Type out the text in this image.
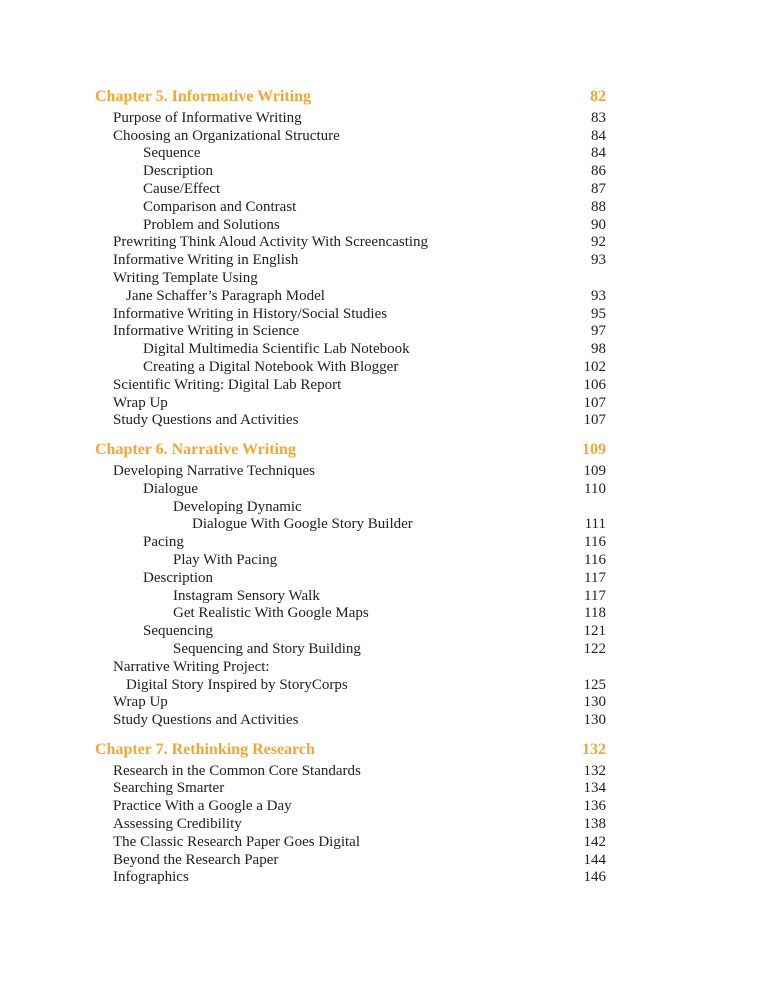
Chapter 5. Informative Writing	82
Purpose of Informative Writing	83
Choosing an Organizational Structure	84
Sequence	84
Description	86
Cause/Effect	87
Comparison and Contrast	88
Problem and Solutions	90
Prewriting Think Aloud Activity With Screencasting	92
Informative Writing in English	93
Writing Template Using
Jane Schaffer’s Paragraph Model	93
Informative Writing in History/Social Studies	95
Informative Writing in Science	97
Digital Multimedia Scientific Lab Notebook	98
Creating a Digital Notebook With Blogger	102
Scientific Writing: Digital Lab Report	106
Wrap Up	107
Study Questions and Activities	107
Chapter 6. Narrative Writing	109
Developing Narrative Techniques	109
Dialogue	110
Developing Dynamic
Dialogue With Google Story Builder	111
Pacing	116
Play With Pacing	116
Description	117
Instagram Sensory Walk	117
Get Realistic With Google Maps	118
Sequencing	121
Sequencing and Story Building	122
Narrative Writing Project:
Digital Story Inspired by StoryCorps	125
Wrap Up	130
Study Questions and Activities	130
Chapter 7. Rethinking Research	132
Research in the Common Core Standards	132
Searching Smarter	134
Practice With a Google a Day	136
Assessing Credibility	138
The Classic Research Paper Goes Digital	142
Beyond the Research Paper	144
Infographics	146
